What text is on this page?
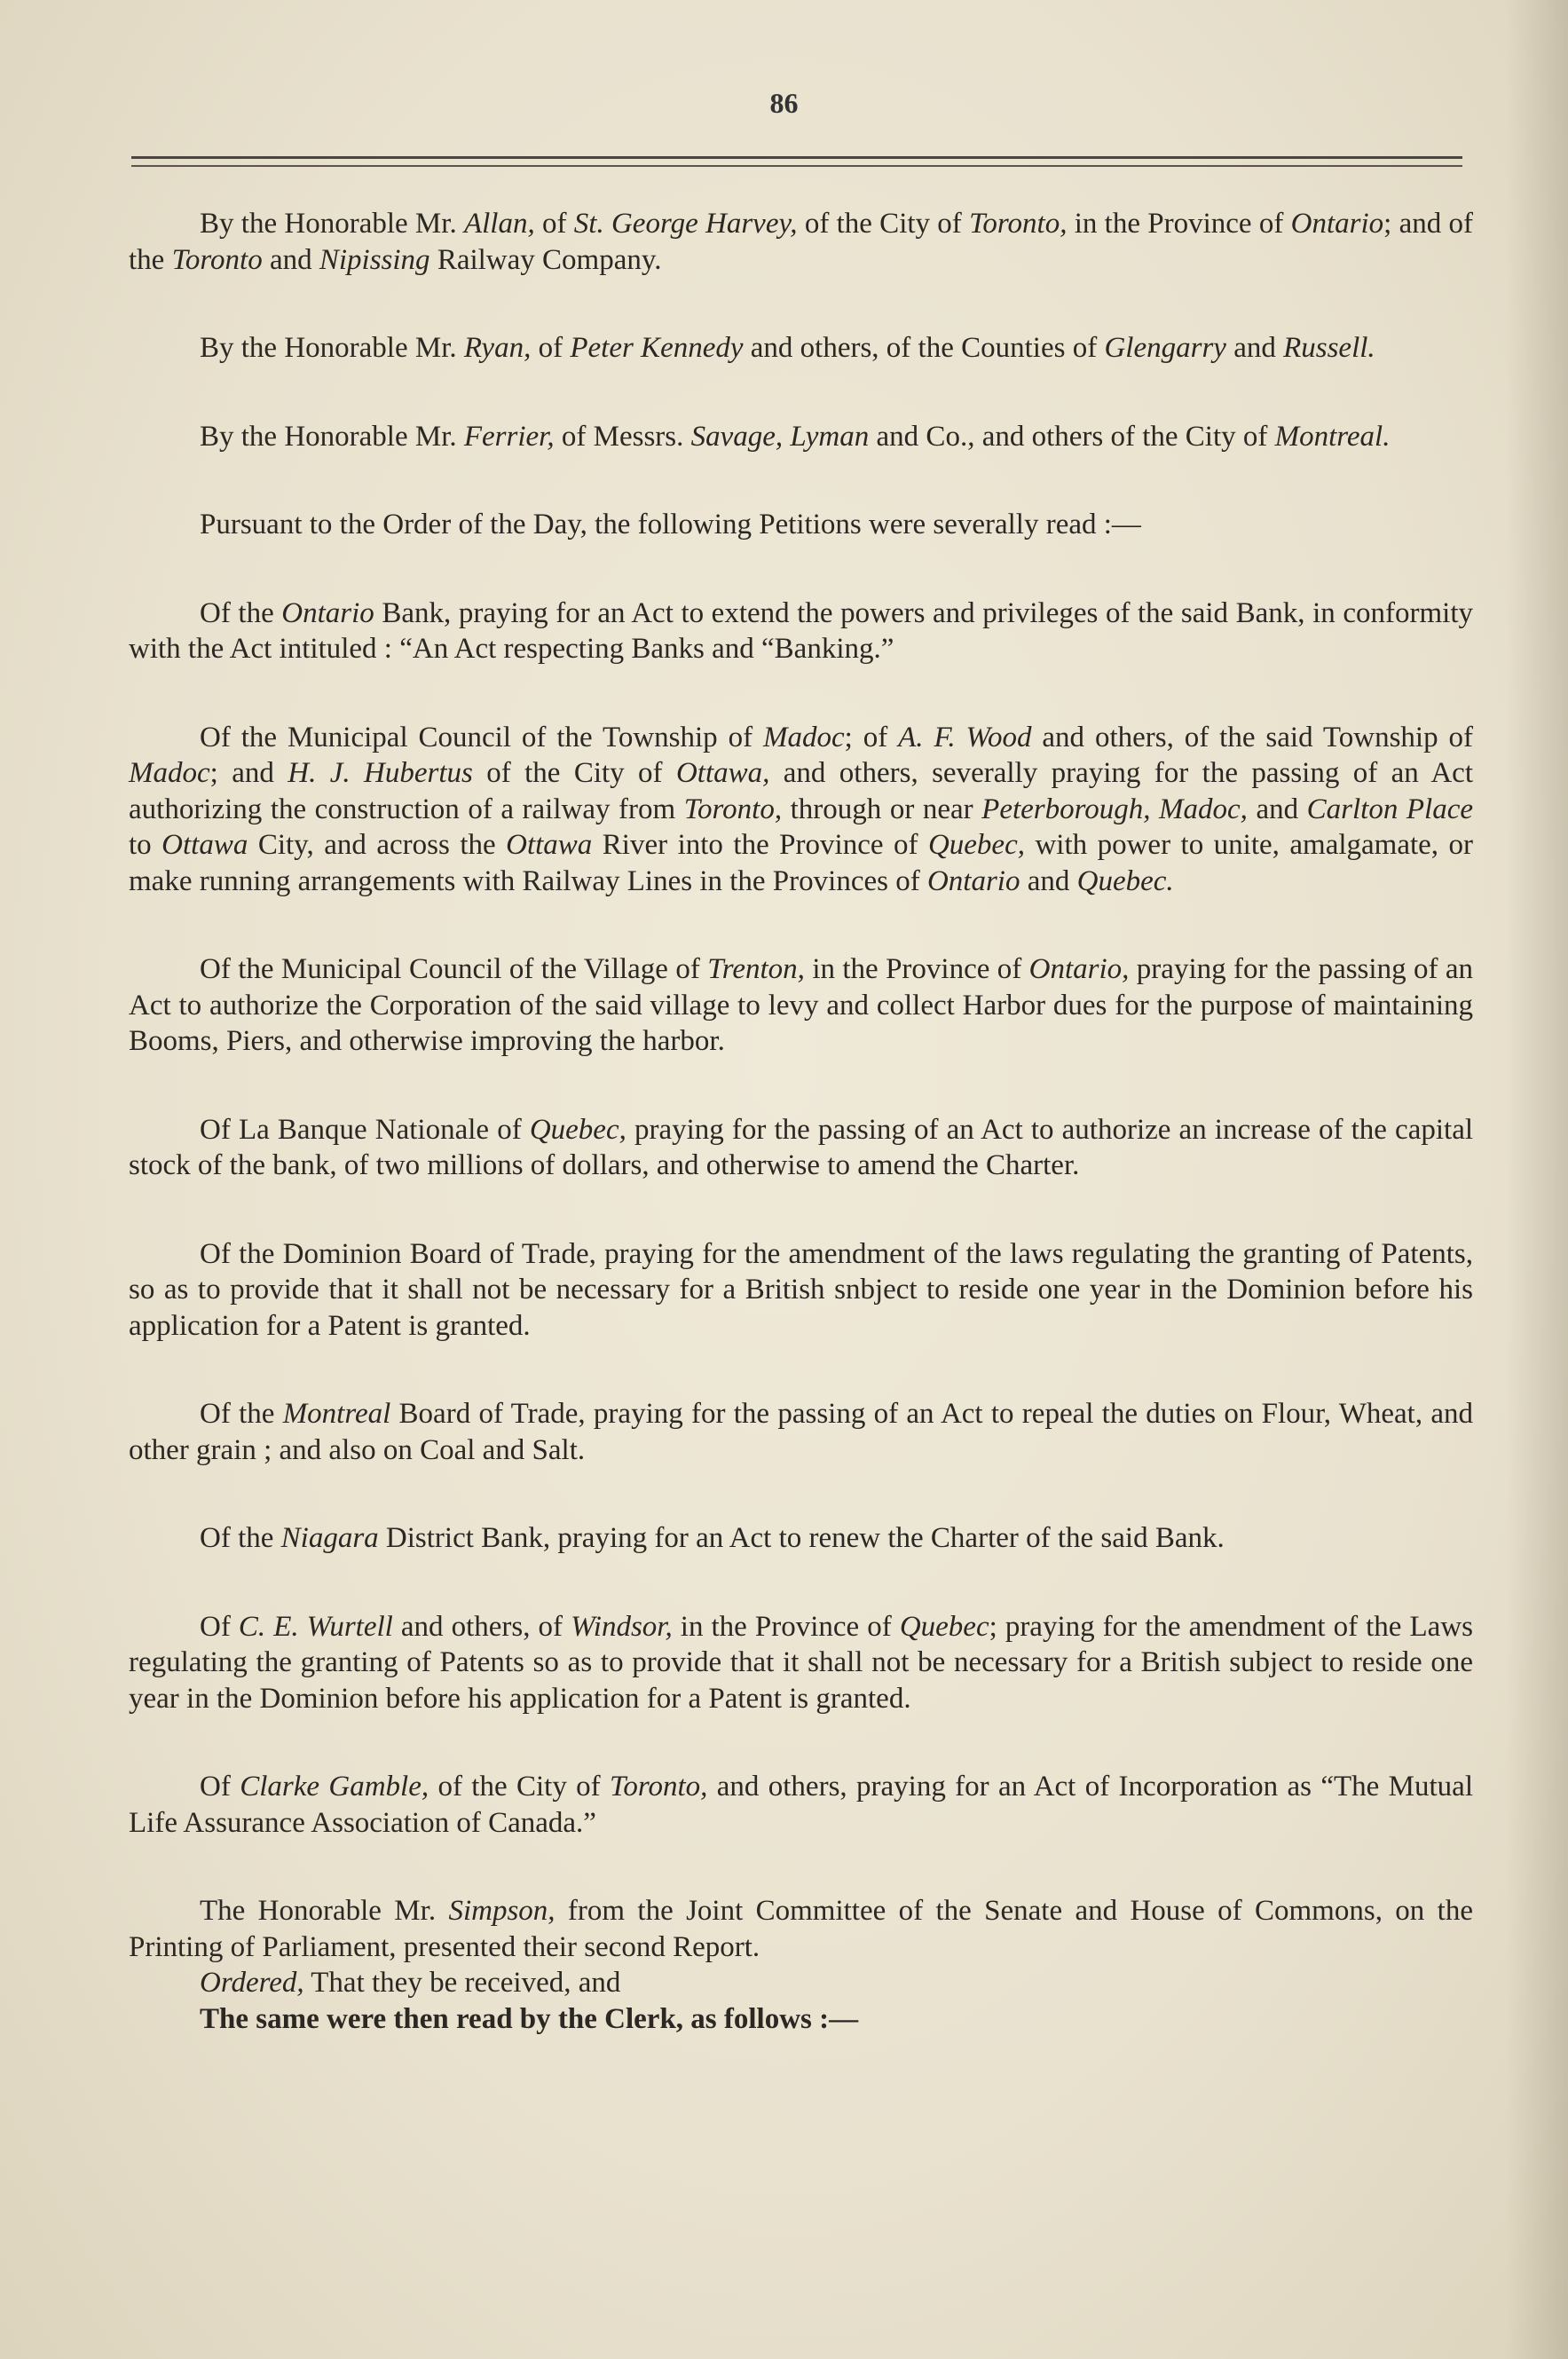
86

By the Honorable Mr. Allan, of St. George Harvey, of the City of Toronto, in the Province of Ontario; and of the Toronto and Nipissing Railway Company.

By the Honorable Mr. Ryan, of Peter Kennedy and others, of the Counties of Glengarry and Russell.

By the Honorable Mr. Ferrier, of Messrs. Savage, Lyman and Co., and others of the City of Montreal.

Pursuant to the Order of the Day, the following Petitions were severally read :—

Of the Ontario Bank, praying for an Act to extend the powers and privileges of the said Bank, in conformity with the Act intituled : “An Act respecting Banks and “Banking.”

Of the Municipal Council of the Township of Madoc; of A. F. Wood and others, of the said Township of Madoc; and H. J. Hubertus of the City of Ottawa, and others, severally praying for the passing of an Act authorizing the construction of a railway from Toronto, through or near Peterborough, Madoc, and Carlton Place to Ottawa City, and across the Ottawa River into the Province of Quebec, with power to unite, amalgamate, or make running arrangements with Railway Lines in the Provinces of Ontario and Quebec.

Of the Municipal Council of the Village of Trenton, in the Province of Ontario, praying for the passing of an Act to authorize the Corporation of the said village to levy and collect Harbor dues for the purpose of maintaining Booms, Piers, and otherwise improving the harbor.

Of La Banque Nationale of Quebec, praying for the passing of an Act to authorize an increase of the capital stock of the bank, of two millions of dollars, and otherwise to amend the Charter.

Of the Dominion Board of Trade, praying for the amendment of the laws regulating the granting of Patents, so as to provide that it shall not be necessary for a British snbject to reside one year in the Dominion before his application for a Patent is granted.

Of the Montreal Board of Trade, praying for the passing of an Act to repeal the duties on Flour, Wheat, and other grain ; and also on Coal and Salt.

Of the Niagara District Bank, praying for an Act to renew the Charter of the said Bank.

Of C. E. Wurtell and others, of Windsor, in the Province of Quebec; praying for the amendment of the Laws regulating the granting of Patents so as to provide that it shall not be necessary for a British subject to reside one year in the Dominion before his application for a Patent is granted.

Of Clarke Gamble, of the City of Toronto, and others, praying for an Act of Incorporation as “The Mutual Life Assurance Association of Canada.”

The Honorable Mr. Simpson, from the Joint Committee of the Senate and House of Commons, on the Printing of Parliament, presented their second Report.

Ordered, That they be received, and

The same were then read by the Clerk, as follows :—
